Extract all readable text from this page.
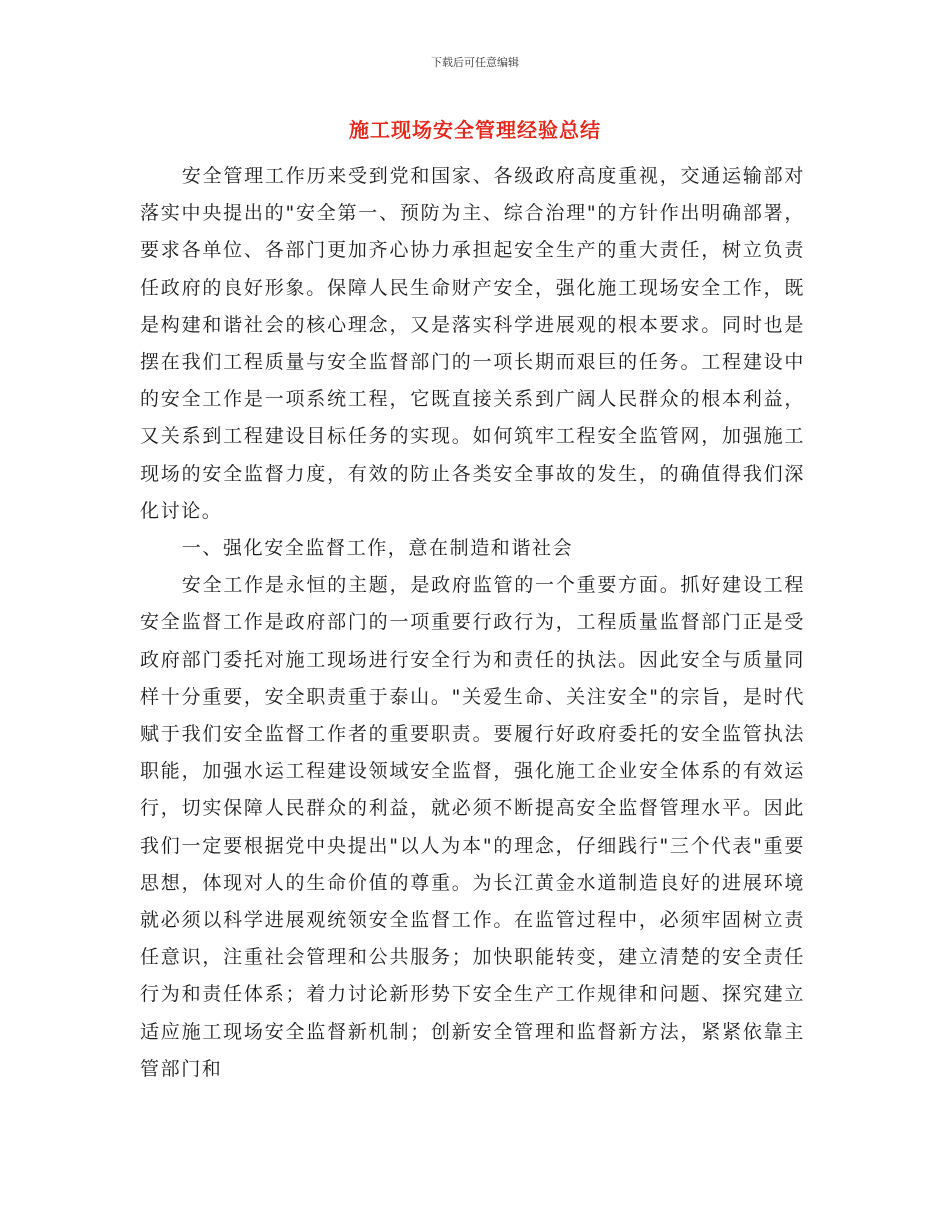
下载后可任意编辑
施工现场安全管理经验总结

安全管理工作历来受到党和国家、各级政府高度重视，交通运输部对落实中央提出的"安全第一、预防为主、综合治理"的方针作出明确部署，要求各单位、各部门更加齐心协力承担起安全生产的重大责任，树立负责任政府的良好形象。保障人民生命财产安全，强化施工现场安全工作，既是构建和谐社会的核心理念，又是落实科学进展观的根本要求。同时也是摆在我们工程质量与安全监督部门的一项长期而艰巨的任务。工程建设中的安全工作是一项系统工程，它既直接关系到广阔人民群众的根本利益，又关系到工程建设目标任务的实现。如何筑牢工程安全监管网，加强施工现场的安全监督力度，有效的防止各类安全事故的发生，的确值得我们深化讨论。

一、强化安全监督工作，意在制造和谐社会

安全工作是永恒的主题，是政府监管的一个重要方面。抓好建设工程安全监督工作是政府部门的一项重要行政行为，工程质量监督部门正是受政府部门委托对施工现场进行安全行为和责任的执法。因此安全与质量同样十分重要，安全职责重于泰山。"关爱生命、关注安全"的宗旨，是时代赋于我们安全监督工作者的重要职责。要履行好政府委托的安全监管执法职能，加强水运工程建设领域安全监督，强化施工企业安全体系的有效运行，切实保障人民群众的利益，就必须不断提高安全监督管理水平。因此我们一定要根据党中央提出"以人为本"的理念，仔细践行"三个代表"重要思想，体现对人的生命价值的尊重。为长江黄金水道制造良好的进展环境就必须以科学进展观统领安全监督工作。在监管过程中，必须牢固树立责任意识，注重社会管理和公共服务；加快职能转变，建立清楚的安全责任行为和责任体系；着力讨论新形势下安全生产工作规律和问题、探究建立适应施工现场安全监督新机制；创新安全管理和监督新方法，紧紧依靠主管部门和
